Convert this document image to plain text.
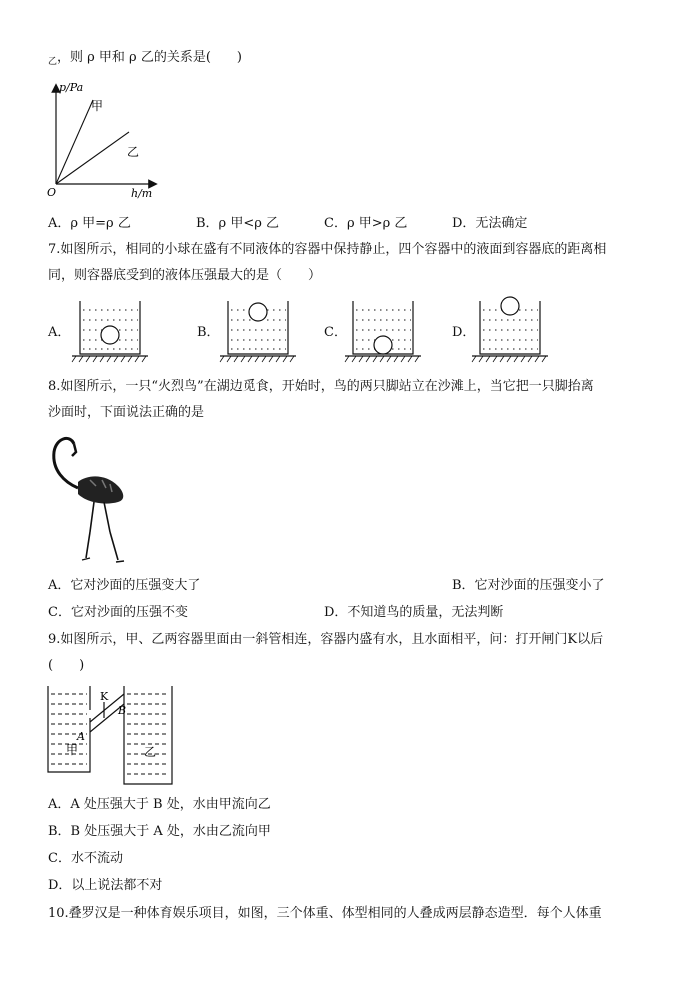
$_乙$，则 ρ 甲和 ρ 乙的关系是(　　)
p/Pa
h/m
O
甲
乙
A．ρ 甲=ρ 乙	B．ρ 甲<ρ 乙	C．ρ 甲>ρ 乙	D．无法确定
7.如图所示，相同的小球在盛有不同液体的容器中保持静止，四个容器中的液面到容器底的距离相
同，则容器底受到的液体压强最大的是（　　）
A．	B．	C．	D．
8.如图所示，一只“火烈鸟”在湖边觅食，开始时，鸟的两只脚站立在沙滩上，当它把一只脚抬离
沙面时，下面说法正确的是
A．它对沙面的压强变大了	B．它对沙面的压强变小了
C．它对沙面的压强不变	D．不知道鸟的质量，无法判断
9.如图所示，甲、乙两容器里面由一斜管相连，容器内盛有水，且水面相平，问：打开闸门K以后
(　　)
K
B
A
甲	乙
A．A 处压强大于 B 处，水由甲流向乙
B．B 处压强大于 A 处，水由乙流向甲
C．水不流动
D．以上说法都不对
10.叠罗汉是一种体育娱乐项目，如图，三个体重、体型相同的人叠成两层静态造型．每个人体重
